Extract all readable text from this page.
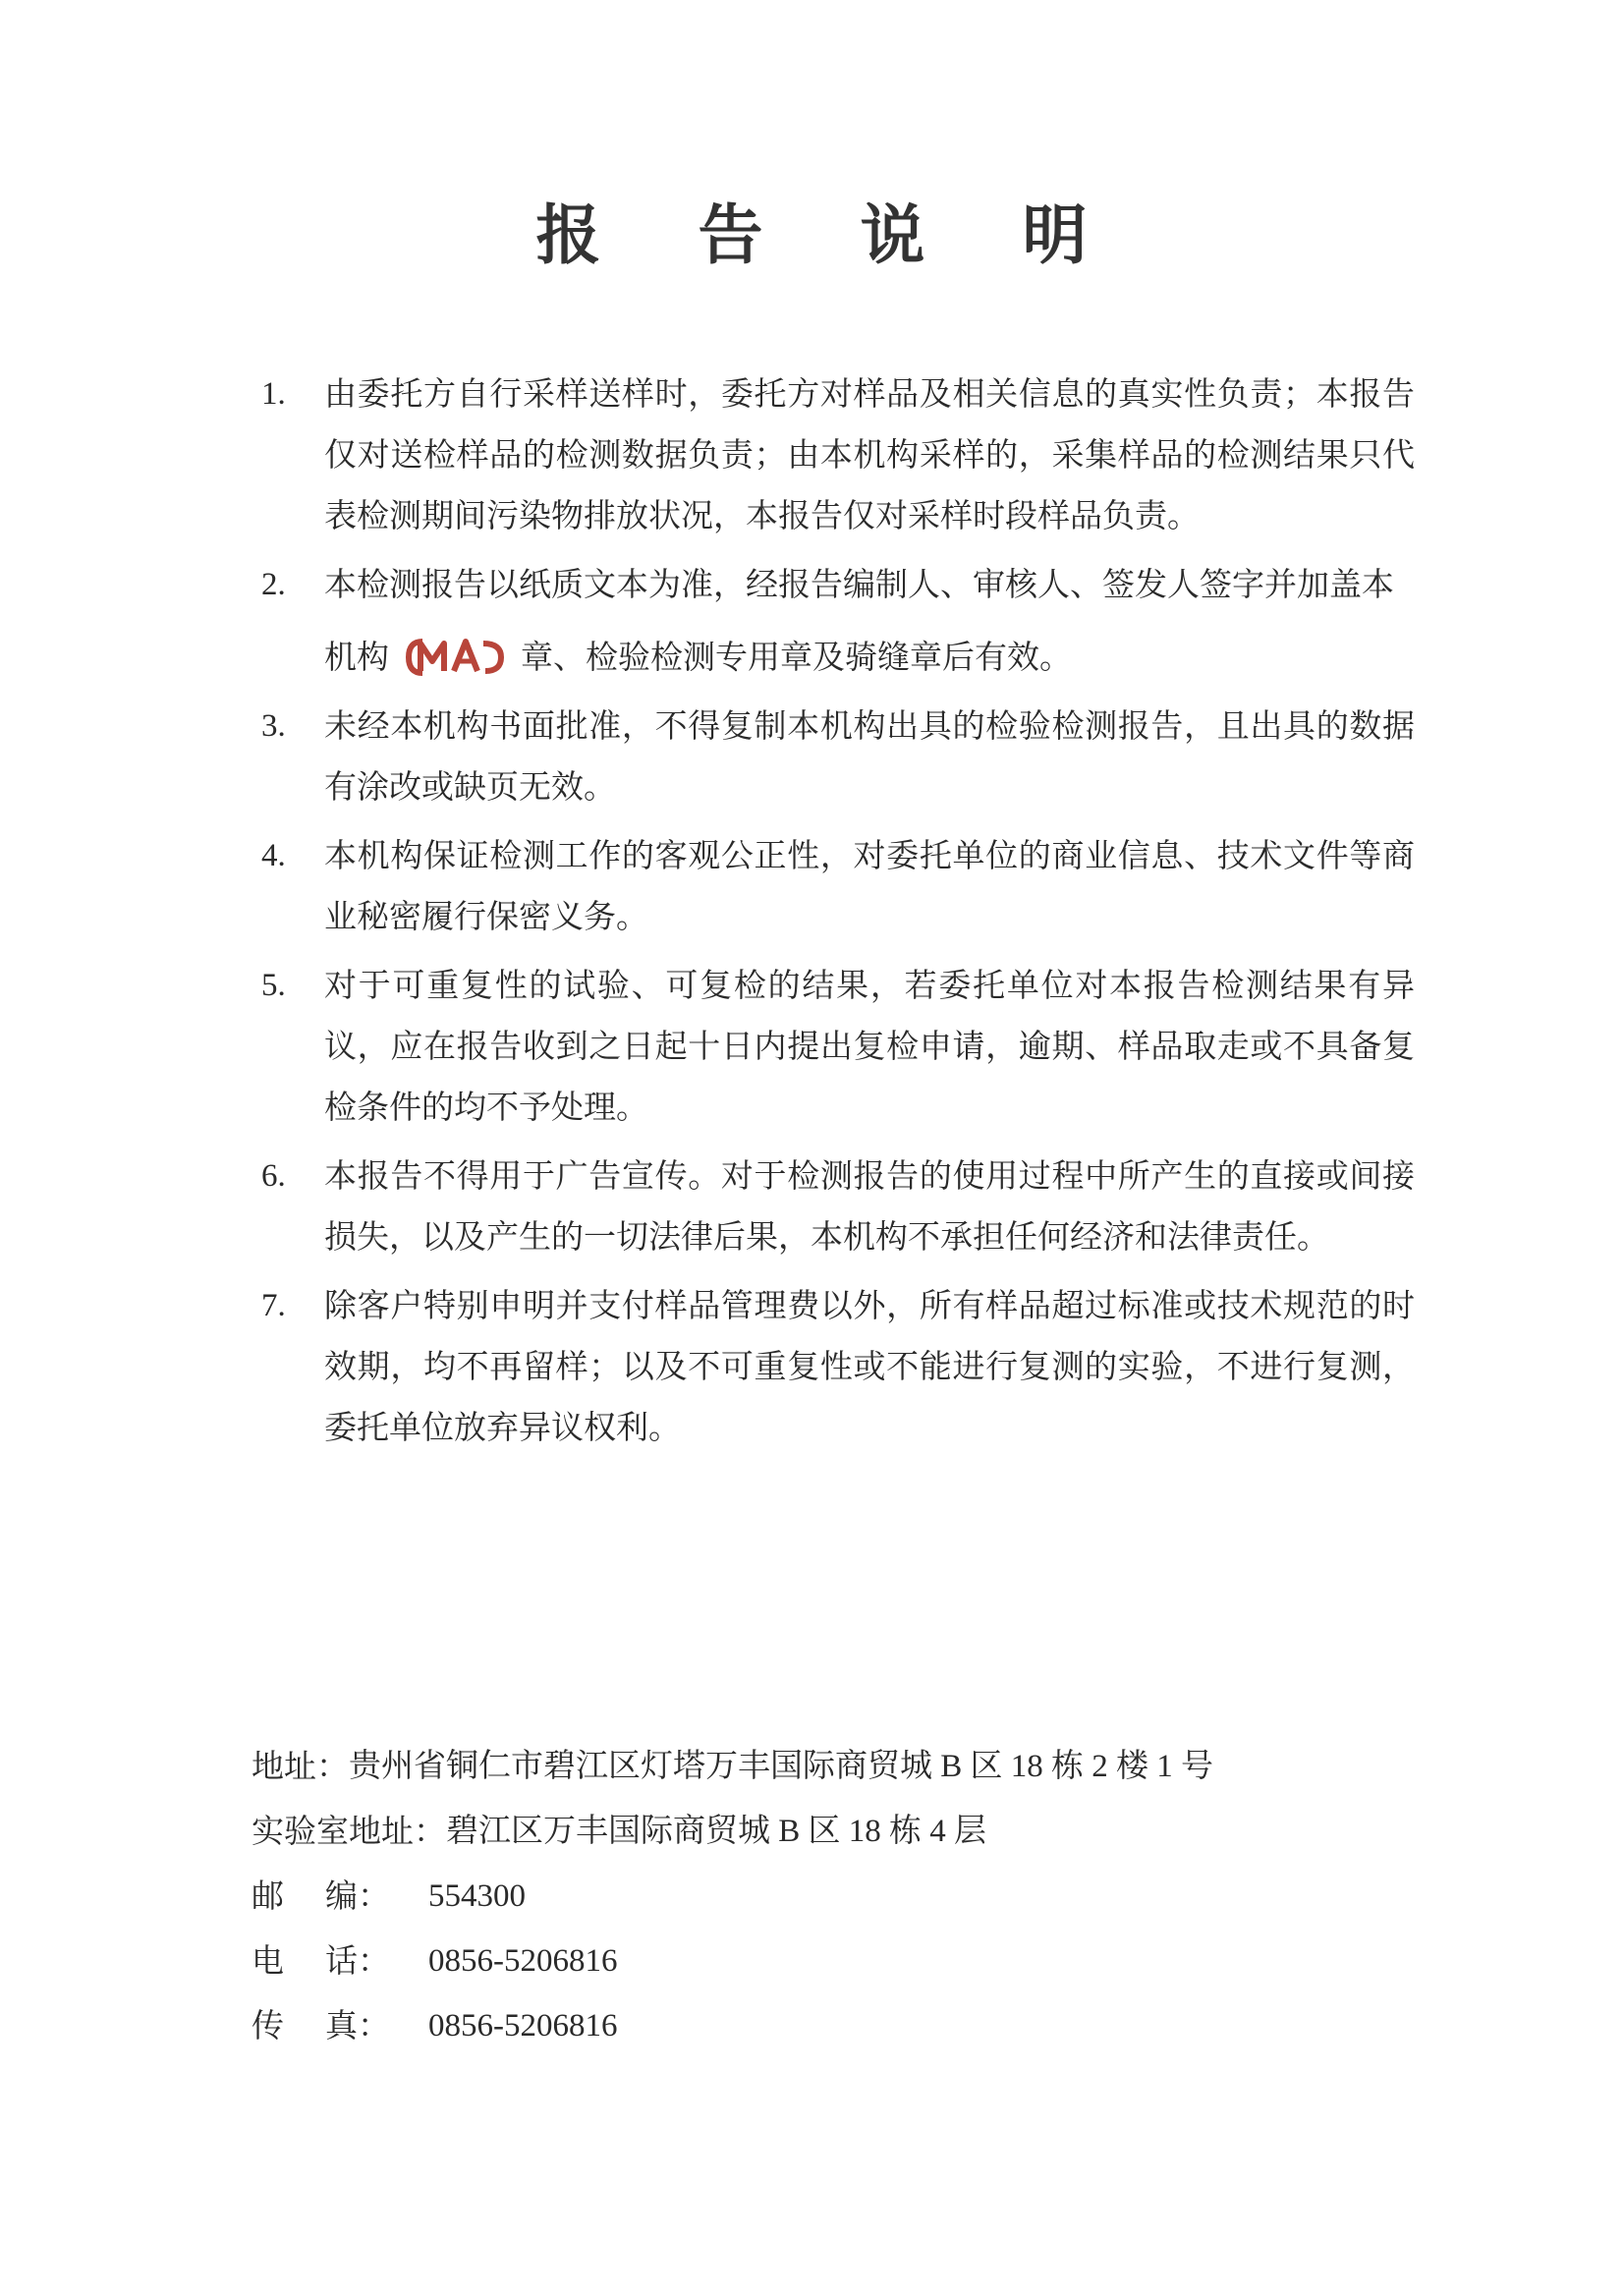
报 告 说 明
1. 由委托方自行采样送样时，委托方对样品及相关信息的真实性负责；本报告仅对送检样品的检测数据负责；由本机构采样的，采集样品的检测结果只代表检测期间污染物排放状况，本报告仅对采样时段样品负责。
2. 本检测报告以纸质文本为准，经报告编制人、审核人、签发人签字并加盖本
机构
CMA
章、检验检测专用章及骑缝章后有效。
3. 未经本机构书面批准，不得复制本机构出具的检验检测报告，且出具的数据有涂改或缺页无效。
4. 本机构保证检测工作的客观公正性，对委托单位的商业信息、技术文件等商业秘密履行保密义务。
5. 对于可重复性的试验、可复检的结果，若委托单位对本报告检测结果有异议，应在报告收到之日起十日内提出复检申请，逾期、样品取走或不具备复检条件的均不予处理。
6. 本报告不得用于广告宣传。对于检测报告的使用过程中所产生的直接或间接损失，以及产生的一切法律后果，本机构不承担任何经济和法律责任。
7. 除客户特别申明并支付样品管理费以外，所有样品超过标准或技术规范的时效期，均不再留样；以及不可重复性或不能进行复测的实验，不进行复测，委托单位放弃异议权利。
地址： 贵州省铜仁市碧江区灯塔万丰国际商贸城 B 区 18 栋 2 楼 1 号
实验室地址： 碧江区万丰国际商贸城 B 区 18 栋 4 层
邮    编：	554300
电    话：	0856-5206816
传    真：	0856-5206816
